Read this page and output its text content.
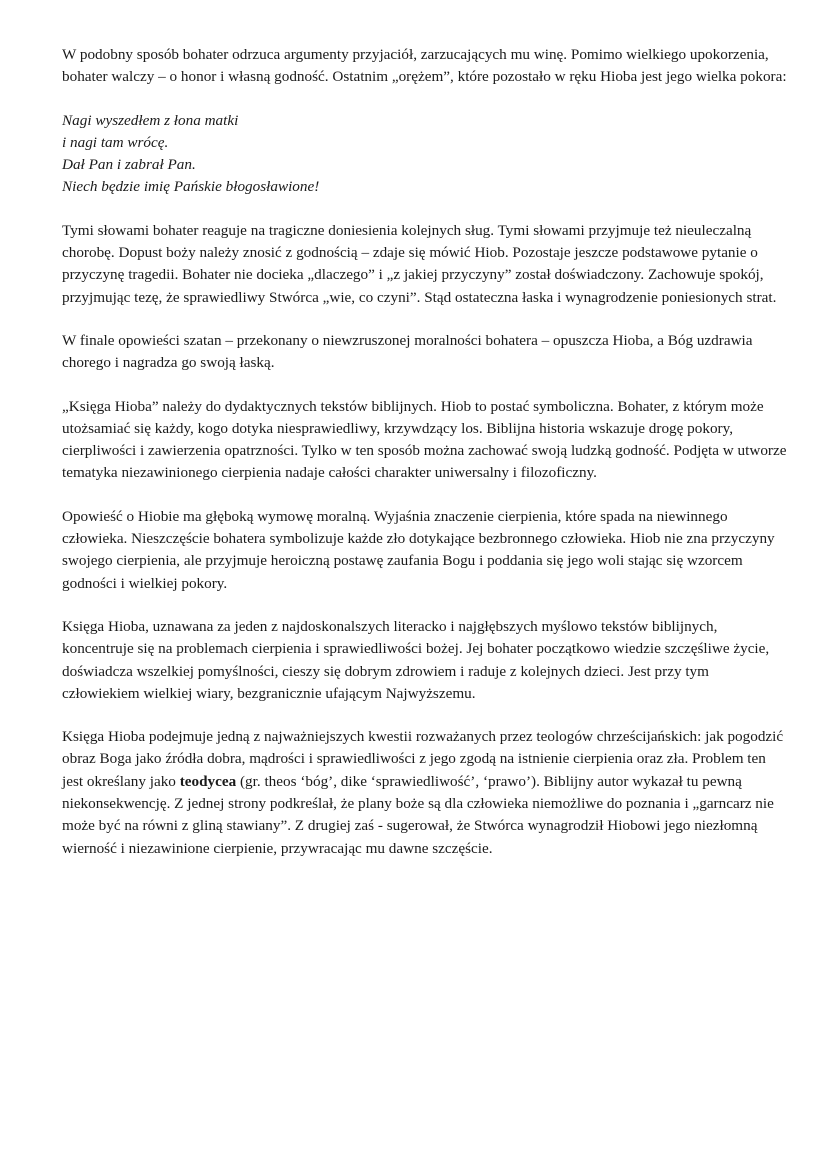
W podobny sposób bohater odrzuca argumenty przyjaciół, zarzucających mu winę. Pomimo wielkiego upokorzenia, bohater walczy – o honor i własną godność. Ostatnim „orężem”, które pozostało w ręku Hioba jest jego wielka pokora:

Nagi wyszedłem z łona matki
i nagi tam wrócę.
Dał Pan i zabrał Pan.
Niech będzie imię Pańskie błogosławione!

Tymi słowami bohater reaguje na tragiczne doniesienia kolejnych sług. Tymi słowami przyjmuje też nieuleczalną chorobę. Dopust boży należy znosić z godnością – zdaje się mówić Hiob. Pozostaje jeszcze podstawowe pytanie o przyczynę tragedii. Bohater nie docieka „dlaczego” i „z jakiej przyczyny” został doświadczony. Zachowuje spokój, przyjmując tezę, że sprawiedliwy Stwórca „wie, co czyni”. Stąd ostateczna łaska i wynagrodzenie poniesionych strat.

W finale opowieści szatan – przekonany o niewzruszonej moralności bohatera – opuszcza Hioba, a Bóg uzdrawia chorego i nagradza go swoją łaską.

„Księga Hioba” należy do dydaktycznych tekstów biblijnych. Hiob to postać symboliczna. Bohater, z którym może utożsamiać się każdy, kogo dotyka niesprawiedliwy, krzywdzący los. Biblijna historia wskazuje drogę pokory, cierpliwości i zawierzenia opatrzności. Tylko w ten sposób można zachować swoją ludzką godność. Podjęta w utworze tematyka niezawinionego cierpienia nadaje całości charakter uniwersalny i filozoficzny.

Opowieść o Hiobie ma głęboką wymowę moralną. Wyjaśnia znaczenie cierpienia, które spada na niewinnego człowieka. Nieszczęście bohatera symbolizuje każde zło dotykające bezbronnego człowieka. Hiob nie zna przyczyny swojego cierpienia, ale przyjmuje heroiczną postawę zaufania Bogu i poddania się jego woli stając się wzorcem godności i wielkiej pokory.

Księga Hioba, uznawana za jeden z najdoskonalszych literacko i najgłębszych myślowo tekstów biblijnych, koncentruje się na problemach cierpienia i sprawiedliwości bożej. Jej bohater początkowo wiedzie szczęśliwe życie, doświadcza wszelkiej pomyślności, cieszy się dobrym zdrowiem i raduje z kolejnych dzieci. Jest przy tym człowiekiem wielkiej wiary, bezgranicznie ufającym Najwyższemu.

Księga Hioba podejmuje jedną z najważniejszych kwestii rozważanych przez teologów chrześcijańskich: jak pogodzić obraz Boga jako źródła dobra, mądrości i sprawiedliwości z jego zgodą na istnienie cierpienia oraz zła. Problem ten jest określany jako teodycea (gr. theos ‘bóg’, dike ‘sprawiedliwość’, ‘prawo’). Biblijny autor wykazał tu pewną niekonsekwencję. Z jednej strony podkreślał, że plany boże są dla człowieka niemożliwe do poznania i „garncarz nie może być na równi z gliną stawiany”. Z drugiej zaś - sugerował, że Stwórca wynagrodził Hiobowi jego niezłomną wierność i niezawinione cierpienie, przywracając mu dawne szczęście.
